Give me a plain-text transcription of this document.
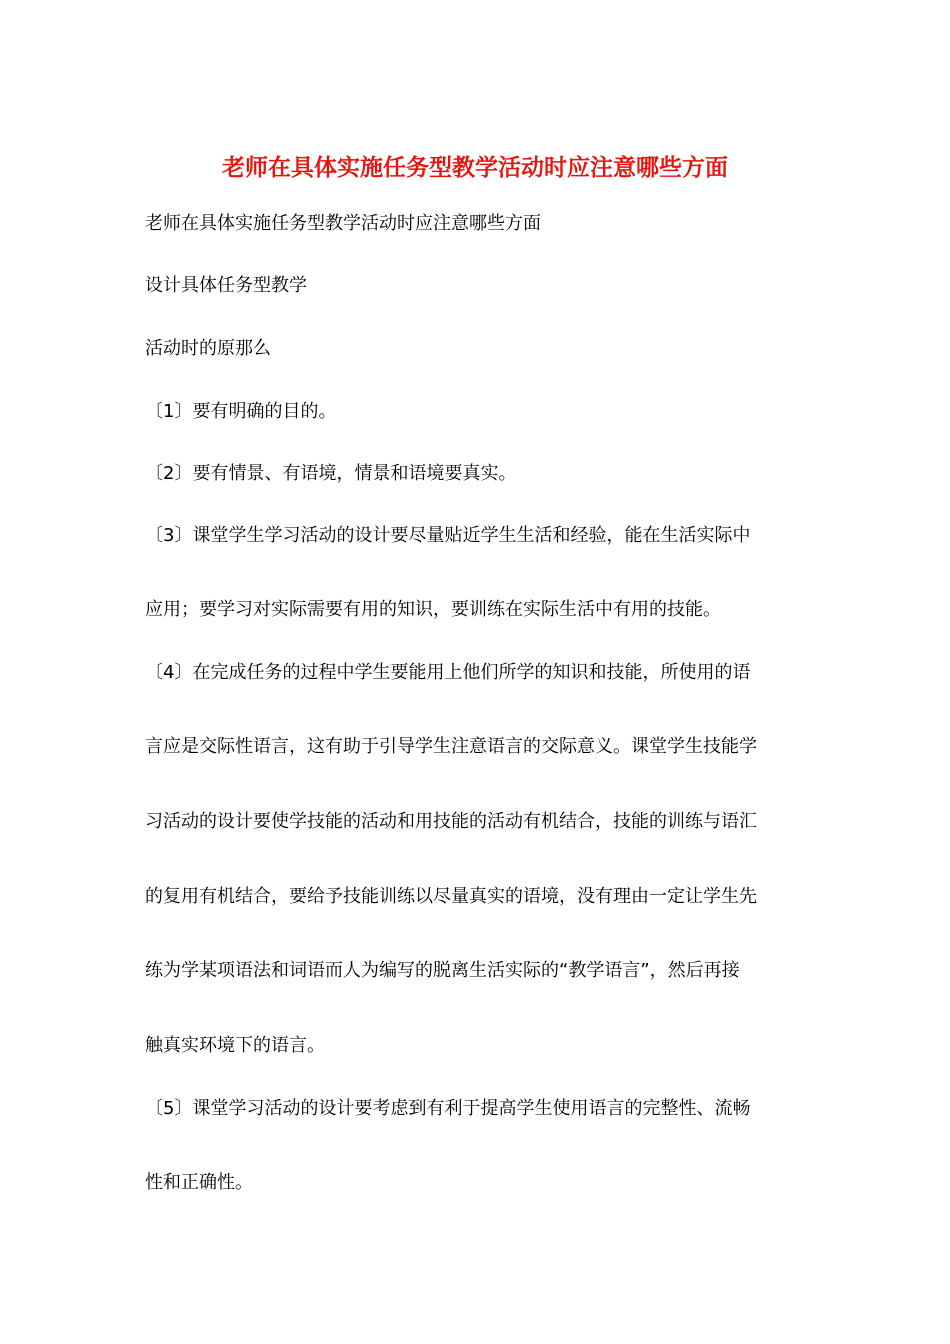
老师在具体实施任务型教学活动时应注意哪些方面

老师在具体实施任务型教学活动时应注意哪些方面

设计具体任务型教学

活动时的原那么

〔1〕要有明确的目的。

〔2〕要有情景、有语境，情景和语境要真实。

〔3〕课堂学生学习活动的设计要尽量贴近学生生活和经验，能在生活实际中

应用；要学习对实际需要有用的知识，要训练在实际生活中有用的技能。

〔4〕在完成任务的过程中学生要能用上他们所学的知识和技能，所使用的语

言应是交际性语言，这有助于引导学生注意语言的交际意义。课堂学生技能学

习活动的设计要使学技能的活动和用技能的活动有机结合，技能的训练与语汇

的复用有机结合，要给予技能训练以尽量真实的语境，没有理由一定让学生先

练为学某项语法和词语而人为编写的脱离生活实际的“教学语言”，然后再接

触真实环境下的语言。

〔5〕课堂学习活动的设计要考虑到有利于提高学生使用语言的完整性、流畅

性和正确性。
